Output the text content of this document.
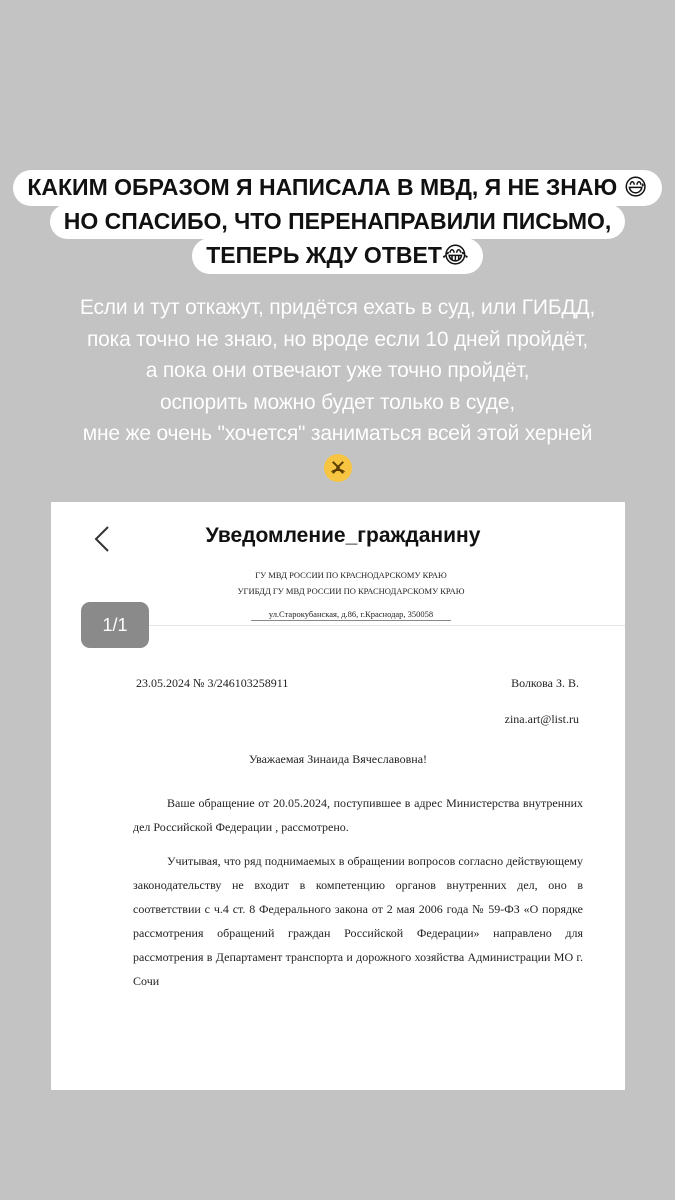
КАКИМ ОБРАЗОМ Я НАПИСАЛА В МВД, Я НЕ ЗНАЮ 😅
НО СПАСИБО, ЧТО ПЕРЕНАПРАВИЛИ ПИСЬМО,
ТЕПЕРЬ ЖДУ ОТВЕТ😂
Если и тут откажут, придётся ехать в суд, или ГИБДД,
пока точно не знаю, но вроде если 10 дней пройдёт,
а пока они отвечают уже точно пройдёт,
оспорить можно будет только в суде,
мне же очень "хочется" заниматься всей этой херней
Уведомление_гражданину
ГУ МВД РОССИИ ПО КРАСНОДАРСКОМУ КРАЮ
УГИБДД ГУ МВД РОССИИ ПО КРАСНОДАРСКОМУ КРАЮ
ул.Старокубанская, д.86, г.Краснодар, 350058
1/1
23.05.2024 № 3/246103258911	Волкова З. В.
zina.art@list.ru
Уважаемая Зинаида Вячеславовна!
Ваше обращение от 20.05.2024, поступившее в адрес Министерства внутренних дел Российской Федерации , рассмотрено.
Учитывая, что ряд поднимаемых в обращении вопросов согласно действующему законодательству не входит в компетенцию органов внутренних дел, оно в соответствии с ч.4 ст. 8 Федерального закона от 2 мая 2006 года № 59-ФЗ «О порядке рассмотрения обращений граждан Российской Федерации» направлено для рассмотрения в Департамент транспорта и дорожного хозяйства Администрации МО г. Сочи
